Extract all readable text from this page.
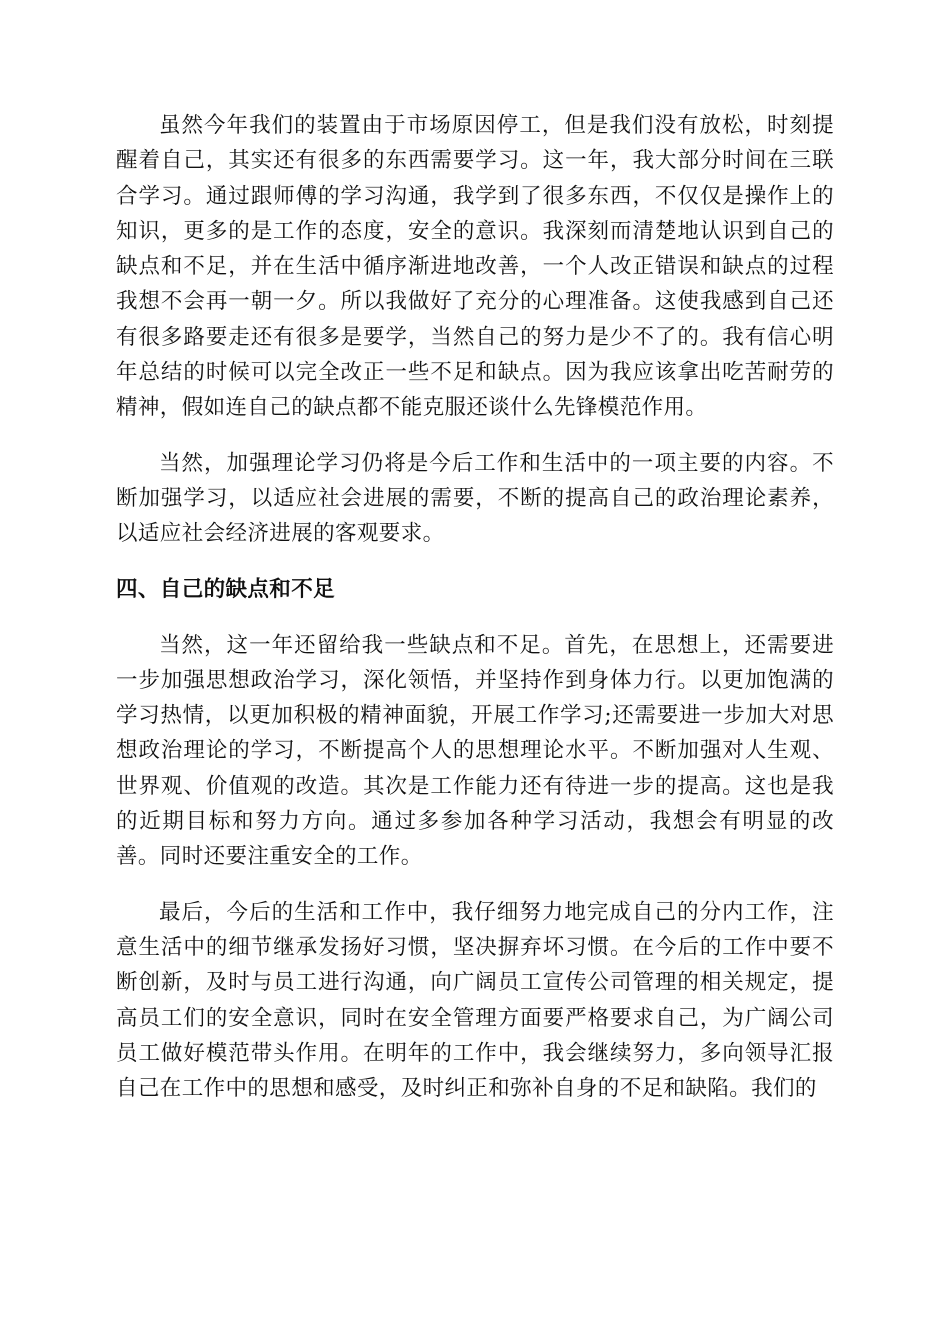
虽然今年我们的装置由于市场原因停工，但是我们没有放松，时刻提醒着自己，其实还有很多的东西需要学习。这一年，我大部分时间在三联合学习。通过跟师傅的学习沟通，我学到了很多东西，不仅仅是操作上的知识，更多的是工作的态度，安全的意识。我深刻而清楚地认识到自己的缺点和不足，并在生活中循序渐进地改善，一个人改正错误和缺点的过程我想不会再一朝一夕。所以我做好了充分的心理准备。这使我感到自己还有很多路要走还有很多是要学，当然自己的努力是少不了的。我有信心明年总结的时候可以完全改正一些不足和缺点。因为我应该拿出吃苦耐劳的精神，假如连自己的缺点都不能克服还谈什么先锋模范作用。

当然，加强理论学习仍将是今后工作和生活中的一项主要的内容。不断加强学习，以适应社会进展的需要，不断的提高自己的政治理论素养，以适应社会经济进展的客观要求。

四、自己的缺点和不足

当然，这一年还留给我一些缺点和不足。首先，在思想上，还需要进一步加强思想政治学习，深化领悟，并坚持作到身体力行。以更加饱满的学习热情，以更加积极的精神面貌，开展工作学习;还需要进一步加大对思想政治理论的学习，不断提高个人的思想理论水平。不断加强对人生观、世界观、价值观的改造。其次是工作能力还有待进一步的提高。这也是我的近期目标和努力方向。通过多参加各种学习活动，我想会有明显的改善。同时还要注重安全的工作。

最后，今后的生活和工作中，我仔细努力地完成自己的分内工作，注意生活中的细节继承发扬好习惯，坚决摒弃坏习惯。在今后的工作中要不断创新，及时与员工进行沟通，向广阔员工宣传公司管理的相关规定，提高员工们的安全意识，同时在安全管理方面要严格要求自己，为广阔公司员工做好模范带头作用。在明年的工作中，我会继续努力，多向领导汇报自己在工作中的思想和感受，及时纠正和弥补自身的不足和缺陷。我们的
